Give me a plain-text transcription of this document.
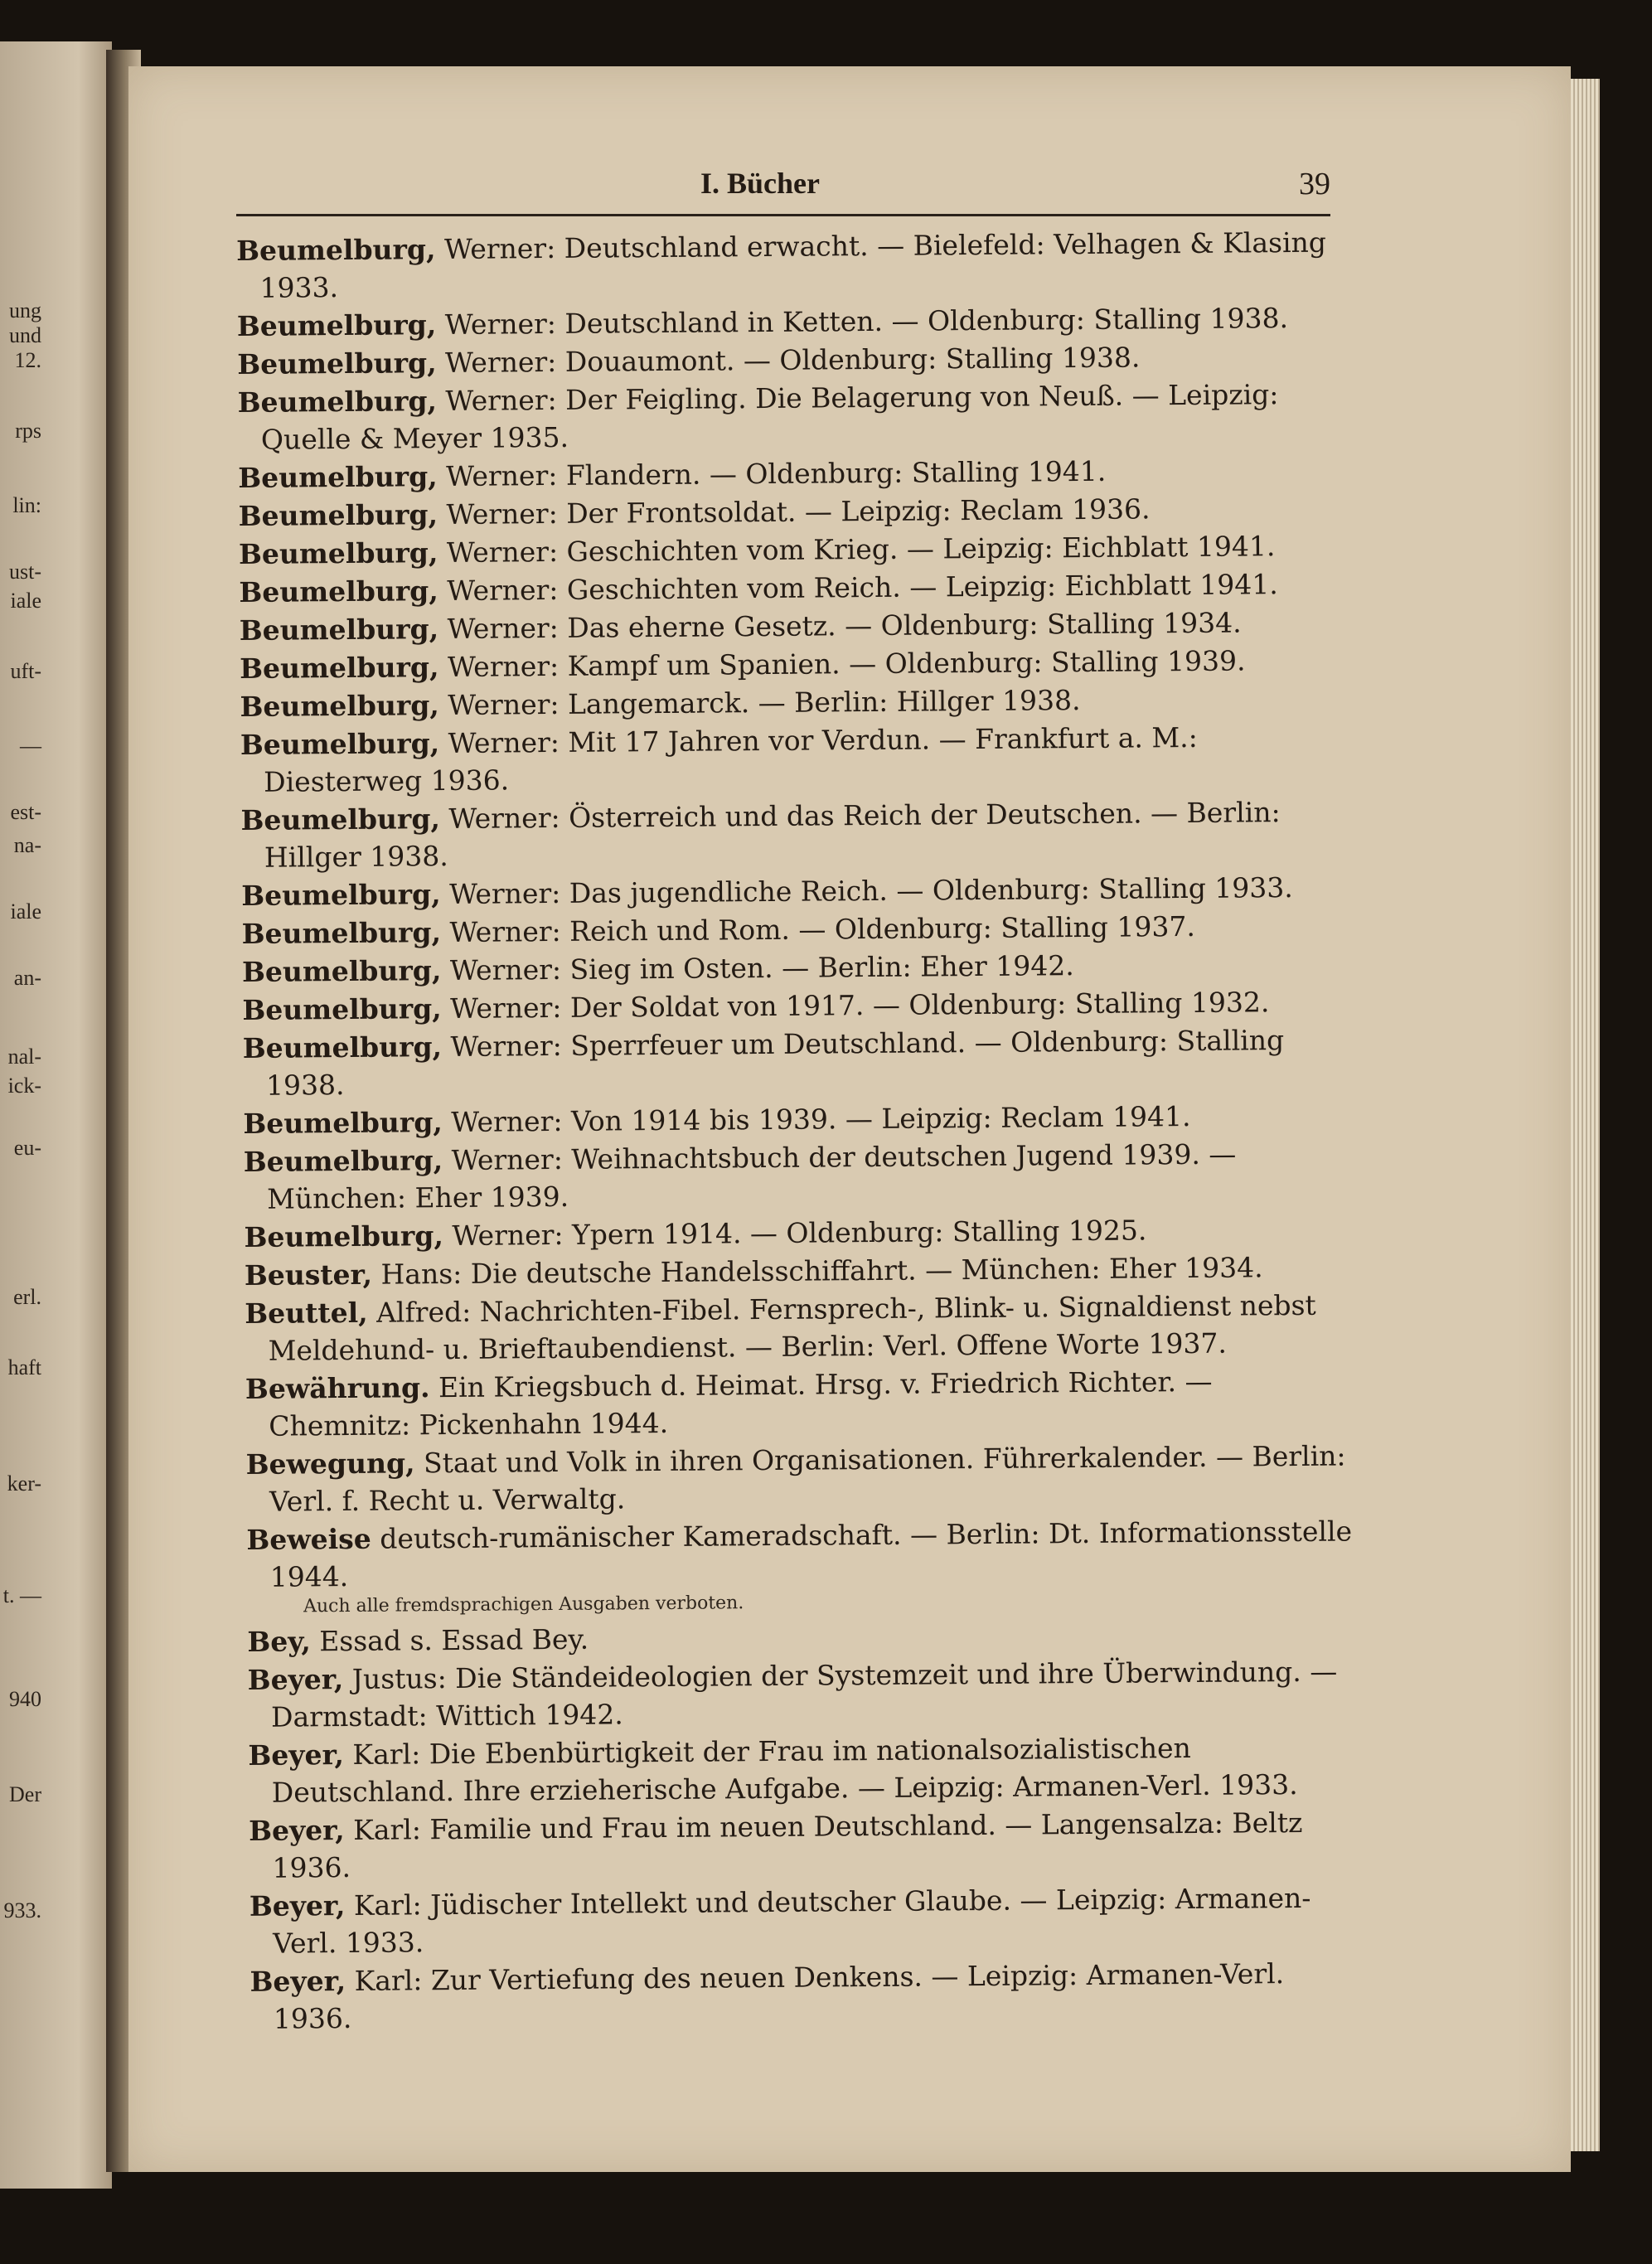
ung
und
12.
rps
lin:
ust-
iale
uft-
—
est-
na-
iale
an-
nal-
ick-
eu-
erl.
haft
ker-
t. —
940
Der
933.
I. Bücher	39
Beumelburg, Werner: Deutschland erwacht. — Bielefeld: Velhagen & Klasing 1933.
Beumelburg, Werner: Deutschland in Ketten. — Oldenburg: Stalling 1938.
Beumelburg, Werner: Douaumont. — Oldenburg: Stalling 1938.
Beumelburg, Werner: Der Feigling. Die Belagerung von Neuß. — Leipzig: Quelle & Meyer 1935.
Beumelburg, Werner: Flandern. — Oldenburg: Stalling 1941.
Beumelburg, Werner: Der Frontsoldat. — Leipzig: Reclam 1936.
Beumelburg, Werner: Geschichten vom Krieg. — Leipzig: Eichblatt 1941.
Beumelburg, Werner: Geschichten vom Reich. — Leipzig: Eichblatt 1941.
Beumelburg, Werner: Das eherne Gesetz. — Oldenburg: Stalling 1934.
Beumelburg, Werner: Kampf um Spanien. — Oldenburg: Stalling 1939.
Beumelburg, Werner: Langemarck. — Berlin: Hillger 1938.
Beumelburg, Werner: Mit 17 Jahren vor Verdun. — Frankfurt a. M.: Diesterweg 1936.
Beumelburg, Werner: Österreich und das Reich der Deutschen. — Berlin: Hillger 1938.
Beumelburg, Werner: Das jugendliche Reich. — Oldenburg: Stalling 1933.
Beumelburg, Werner: Reich und Rom. — Oldenburg: Stalling 1937.
Beumelburg, Werner: Sieg im Osten. — Berlin: Eher 1942.
Beumelburg, Werner: Der Soldat von 1917. — Oldenburg: Stalling 1932.
Beumelburg, Werner: Sperrfeuer um Deutschland. — Oldenburg: Stalling 1938.
Beumelburg, Werner: Von 1914 bis 1939. — Leipzig: Reclam 1941.
Beumelburg, Werner: Weihnachtsbuch der deutschen Jugend 1939. — München: Eher 1939.
Beumelburg, Werner: Ypern 1914. — Oldenburg: Stalling 1925.
Beuster, Hans: Die deutsche Handelsschiffahrt. — München: Eher 1934.
Beuttel, Alfred: Nachrichten-Fibel. Fernsprech-, Blink- u. Signaldienst nebst Meldehund- u. Brieftaubendienst. — Berlin: Verl. Offene Worte 1937.
Bewährung. Ein Kriegsbuch d. Heimat. Hrsg. v. Friedrich Richter. — Chemnitz: Pickenhahn 1944.
Bewegung, Staat und Volk in ihren Organisationen. Führerkalender. — Berlin: Verl. f. Recht u. Verwaltg.
Beweise deutsch-rumänischer Kameradschaft. — Berlin: Dt. Informationsstelle 1944.
Auch alle fremdsprachigen Ausgaben verboten.
Bey, Essad s. Essad Bey.
Beyer, Justus: Die Ständeideologien der Systemzeit und ihre Überwindung. — Darmstadt: Wittich 1942.
Beyer, Karl: Die Ebenbürtigkeit der Frau im nationalsozialistischen Deutschland. Ihre erzieherische Aufgabe. — Leipzig: Armanen-Verl. 1933.
Beyer, Karl: Familie und Frau im neuen Deutschland. — Langensalza: Beltz 1936.
Beyer, Karl: Jüdischer Intellekt und deutscher Glaube. — Leipzig: Armanen-Verl. 1933.
Beyer, Karl: Zur Vertiefung des neuen Denkens. — Leipzig: Armanen-Verl. 1936.
